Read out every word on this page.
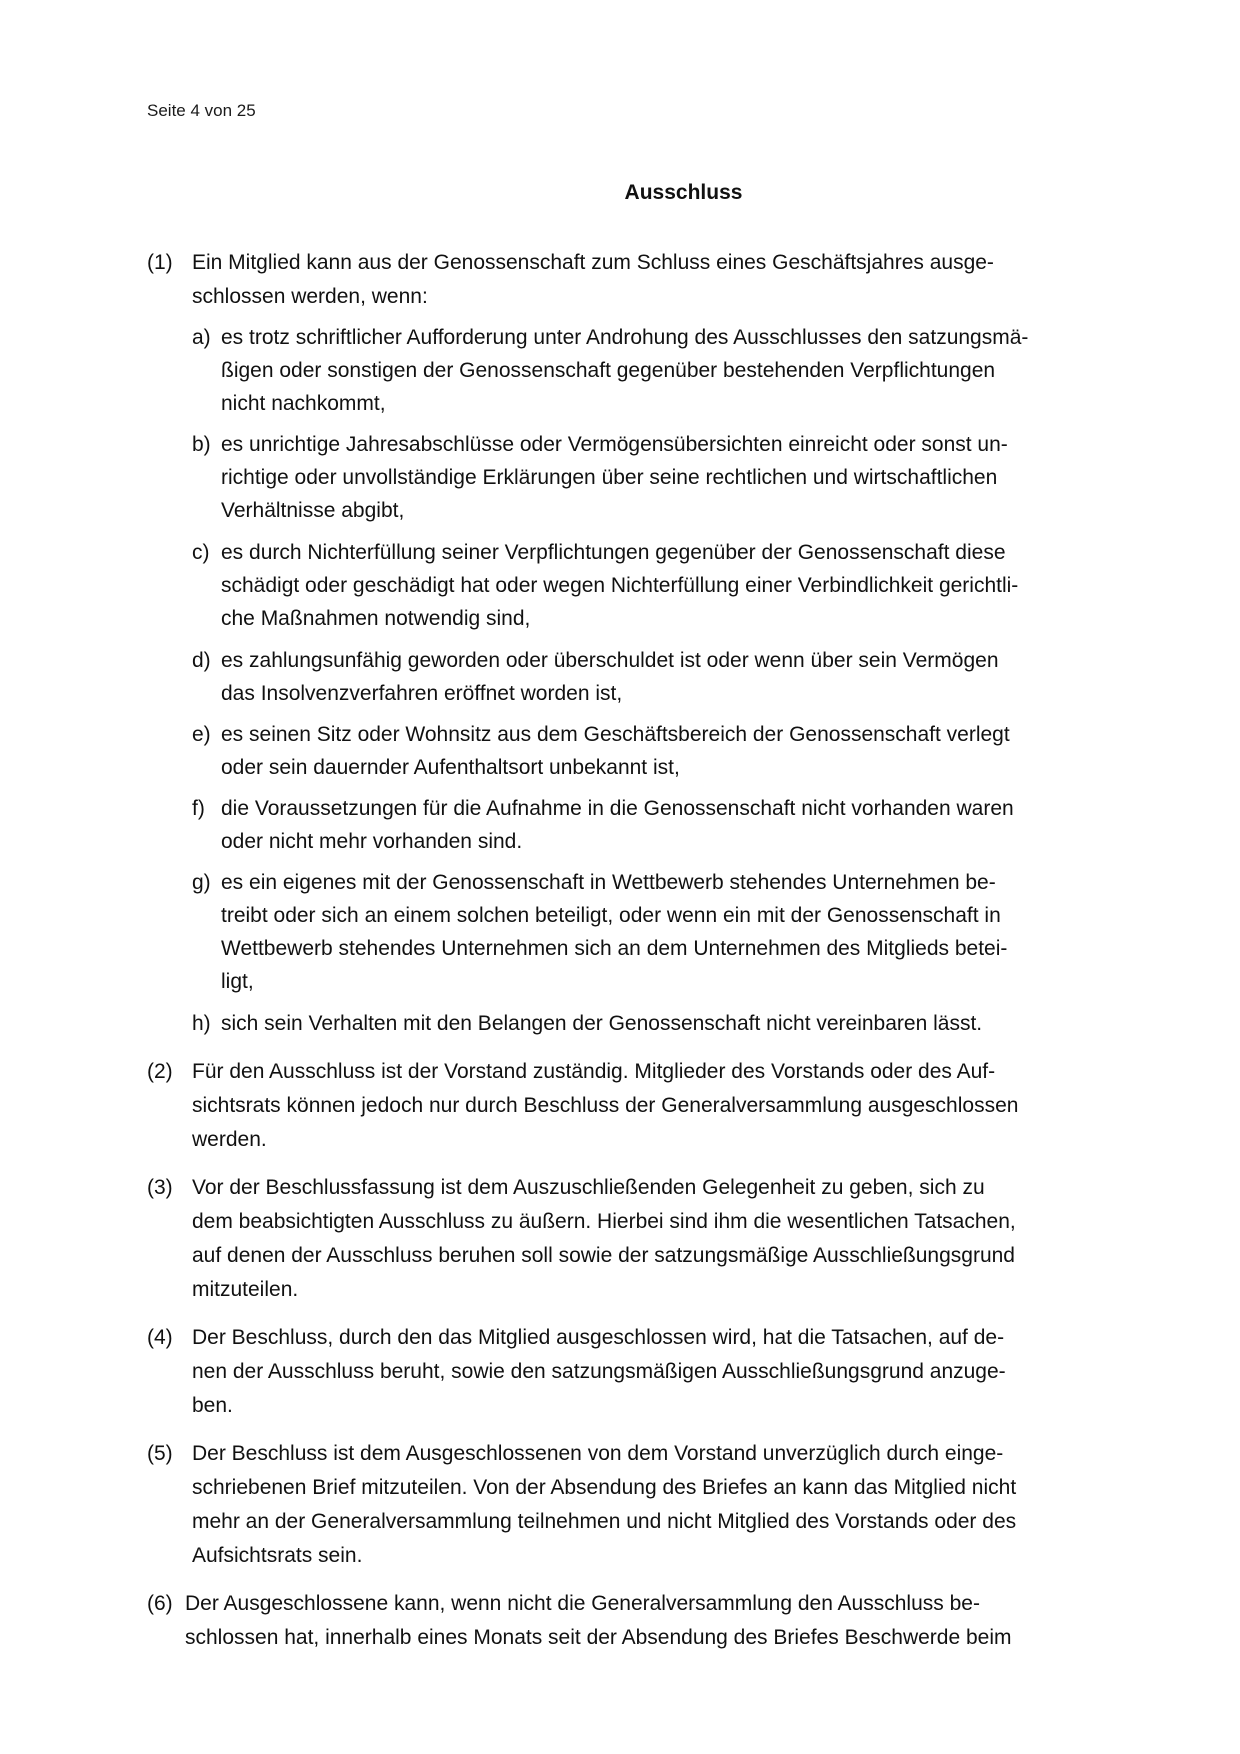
Seite 4 von 25
Ausschluss
(1) Ein Mitglied kann aus der Genossenschaft zum Schluss eines Geschäftsjahres ausge-
schlossen werden, wenn:
a) es trotz schriftlicher Aufforderung unter Androhung des Ausschlusses den satzungsmä-
ßigen oder sonstigen der Genossenschaft gegenüber bestehenden Verpflichtungen
nicht nachkommt,
b) es unrichtige Jahresabschlüsse oder Vermögensübersichten einreicht oder sonst un-
richtige oder unvollständige Erklärungen über seine rechtlichen und wirtschaftlichen
Verhältnisse abgibt,
c) es durch Nichterfüllung seiner Verpflichtungen gegenüber der Genossenschaft diese
schädigt oder geschädigt hat oder wegen Nichterfüllung einer Verbindlichkeit gerichtli-
che Maßnahmen notwendig sind,
d) es zahlungsunfähig geworden oder überschuldet ist oder wenn über sein Vermögen
das Insolvenzverfahren eröffnet worden ist,
e) es seinen Sitz oder Wohnsitz aus dem Geschäftsbereich der Genossenschaft verlegt
oder sein dauernder Aufenthaltsort unbekannt ist,
f) die Voraussetzungen für die Aufnahme in die Genossenschaft nicht vorhanden waren
oder nicht mehr vorhanden sind.
g) es ein eigenes mit der Genossenschaft in Wettbewerb stehendes Unternehmen be-
treibt oder sich an einem solchen beteiligt, oder wenn ein mit der Genossenschaft in
Wettbewerb stehendes Unternehmen sich an dem Unternehmen des Mitglieds betei-
ligt,
h) sich sein Verhalten mit den Belangen der Genossenschaft nicht vereinbaren lässt.
(2) Für den Ausschluss ist der Vorstand zuständig. Mitglieder des Vorstands oder des Auf-
sichtsrats können jedoch nur durch Beschluss der Generalversammlung ausgeschlossen
werden.
(3) Vor der Beschlussfassung ist dem Auszuschließenden Gelegenheit zu geben, sich zu
dem beabsichtigten Ausschluss zu äußern. Hierbei sind ihm die wesentlichen Tatsachen,
auf denen der Ausschluss beruhen soll sowie der satzungsmäßige Ausschließungsgrund
mitzuteilen.
(4) Der Beschluss, durch den das Mitglied ausgeschlossen wird, hat die Tatsachen, auf de-
nen der Ausschluss beruht, sowie den satzungsmäßigen Ausschließungsgrund anzuge-
ben.
(5) Der Beschluss ist dem Ausgeschlossenen von dem Vorstand unverzüglich durch einge-
schriebenen Brief mitzuteilen. Von der Absendung des Briefes an kann das Mitglied nicht
mehr an der Generalversammlung teilnehmen und nicht Mitglied des Vorstands oder des
Aufsichtsrats sein.
(6) Der Ausgeschlossene kann, wenn nicht die Generalversammlung den Ausschluss be-
schlossen hat, innerhalb eines Monats seit der Absendung des Briefes Beschwerde beim
